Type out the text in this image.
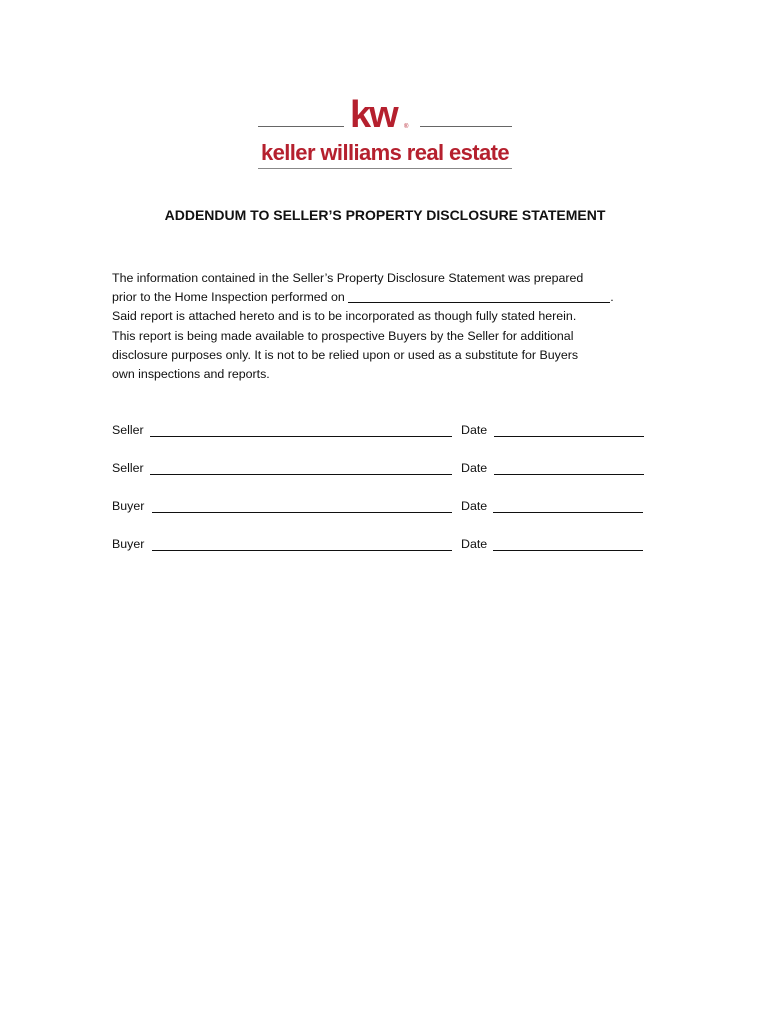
kw ®
keller williams real estate
ADDENDUM TO SELLER’S PROPERTY DISCLOSURE STATEMENT
The information contained in the Seller’s Property Disclosure Statement was prepared
prior to the Home Inspection performed on	.
Said report is attached hereto and is to be incorporated as though fully stated herein.
This report is being made available to prospective Buyers by the Seller for additional
disclosure purposes only. It is not to be relied upon or used as a substitute for Buyers
own inspections and reports.
Seller	Date
Seller	Date
Buyer	Date
Buyer	Date
